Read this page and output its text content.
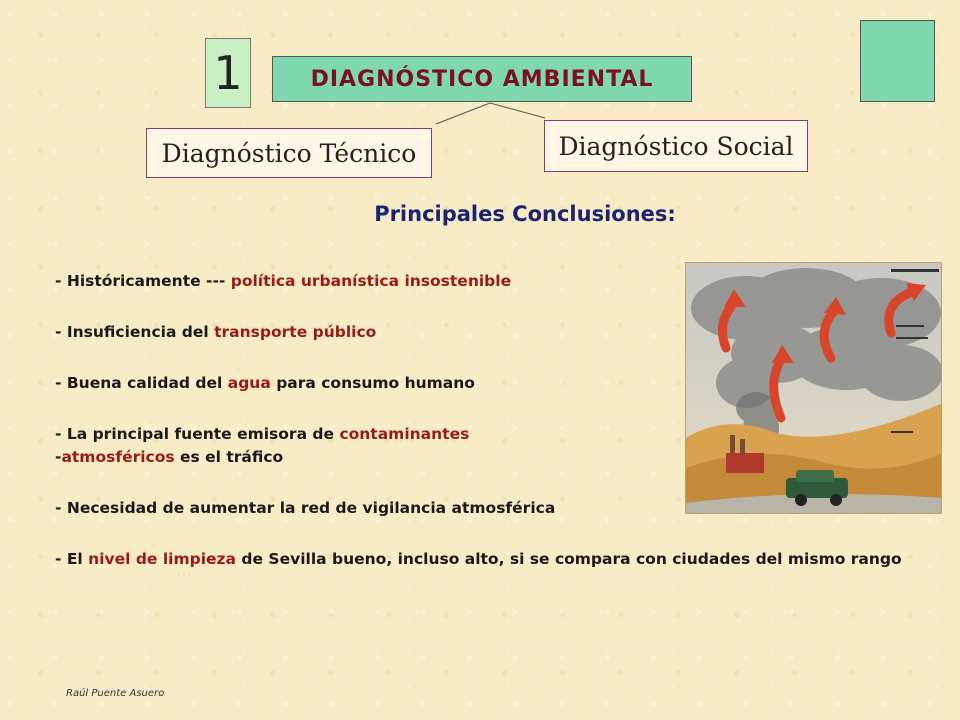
1	DIAGNÓSTICO AMBIENTAL
Diagnóstico Técnico	Diagnóstico Social
Principales Conclusiones:
- Históricamente --- política urbanística insostenible
- Insuficiencia del transporte público
- Buena calidad del agua para consumo humano
- La principal fuente emisora de contaminantes
-atmosféricos es el tráfico
- Necesidad de aumentar la red de vigilancia atmosférica
- El nivel de limpieza de Sevilla bueno, incluso alto, si se compara con ciudades del mismo rango
Raúl Puente Asuero
